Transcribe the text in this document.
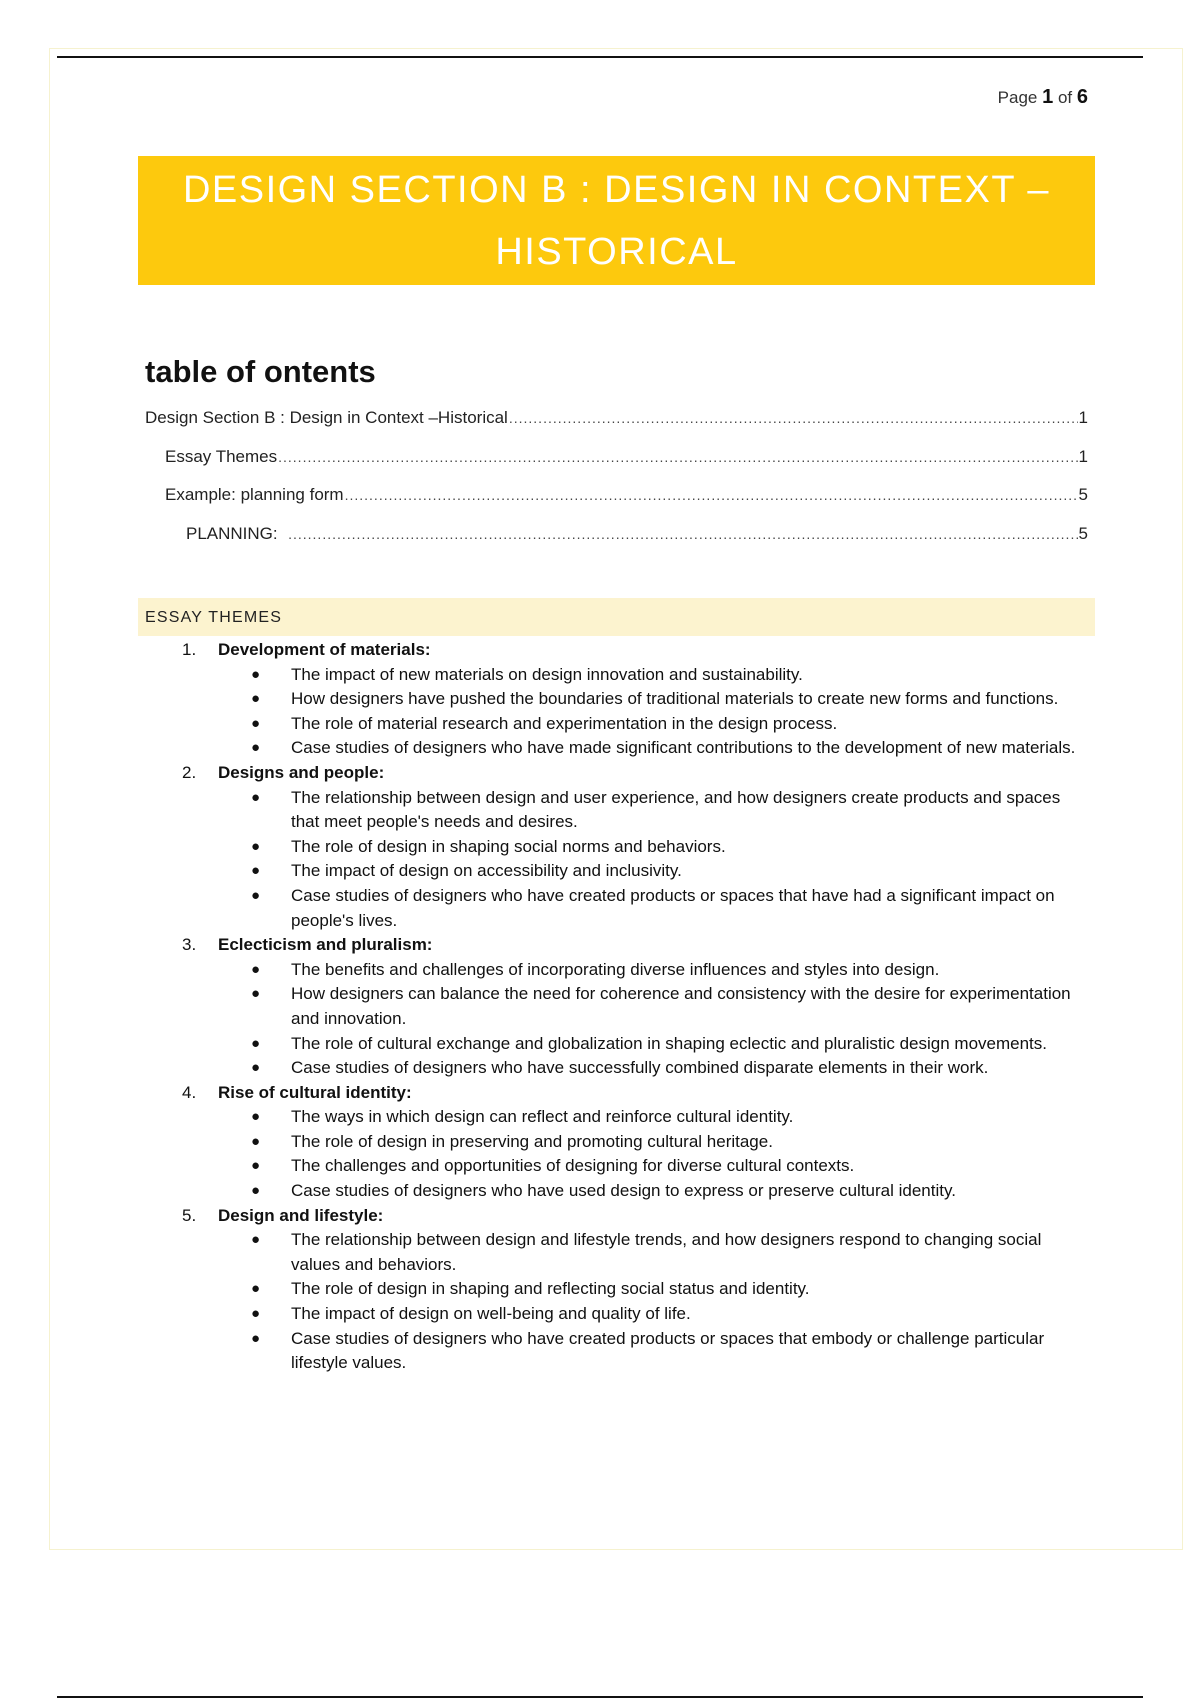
Page 1 of 6
DESIGN SECTION B : DESIGN IN CONTEXT –
HISTORICAL
table of ontents
Design Section B : Design in Context –Historical .....	1
Essay Themes .....	1
Example: planning form .....	5
PLANNING: .....	5
ESSAY THEMES
1. Development of materials:
● The impact of new materials on design innovation and sustainability.
● How designers have pushed the boundaries of traditional materials to create new forms and functions.
● The role of material research and experimentation in the design process.
● Case studies of designers who have made significant contributions to the development of new materials.
2. Designs and people:
● The relationship between design and user experience, and how designers create products and spaces that meet people's needs and desires.
● The role of design in shaping social norms and behaviors.
● The impact of design on accessibility and inclusivity.
● Case studies of designers who have created products or spaces that have had a significant impact on people's lives.
3. Eclecticism and pluralism:
● The benefits and challenges of incorporating diverse influences and styles into design.
● How designers can balance the need for coherence and consistency with the desire for experimentation and innovation.
● The role of cultural exchange and globalization in shaping eclectic and pluralistic design movements.
● Case studies of designers who have successfully combined disparate elements in their work.
4. Rise of cultural identity:
● The ways in which design can reflect and reinforce cultural identity.
● The role of design in preserving and promoting cultural heritage.
● The challenges and opportunities of designing for diverse cultural contexts.
● Case studies of designers who have used design to express or preserve cultural identity.
5. Design and lifestyle:
● The relationship between design and lifestyle trends, and how designers respond to changing social values and behaviors.
● The role of design in shaping and reflecting social status and identity.
● The impact of design on well-being and quality of life.
● Case studies of designers who have created products or spaces that embody or challenge particular lifestyle values.
